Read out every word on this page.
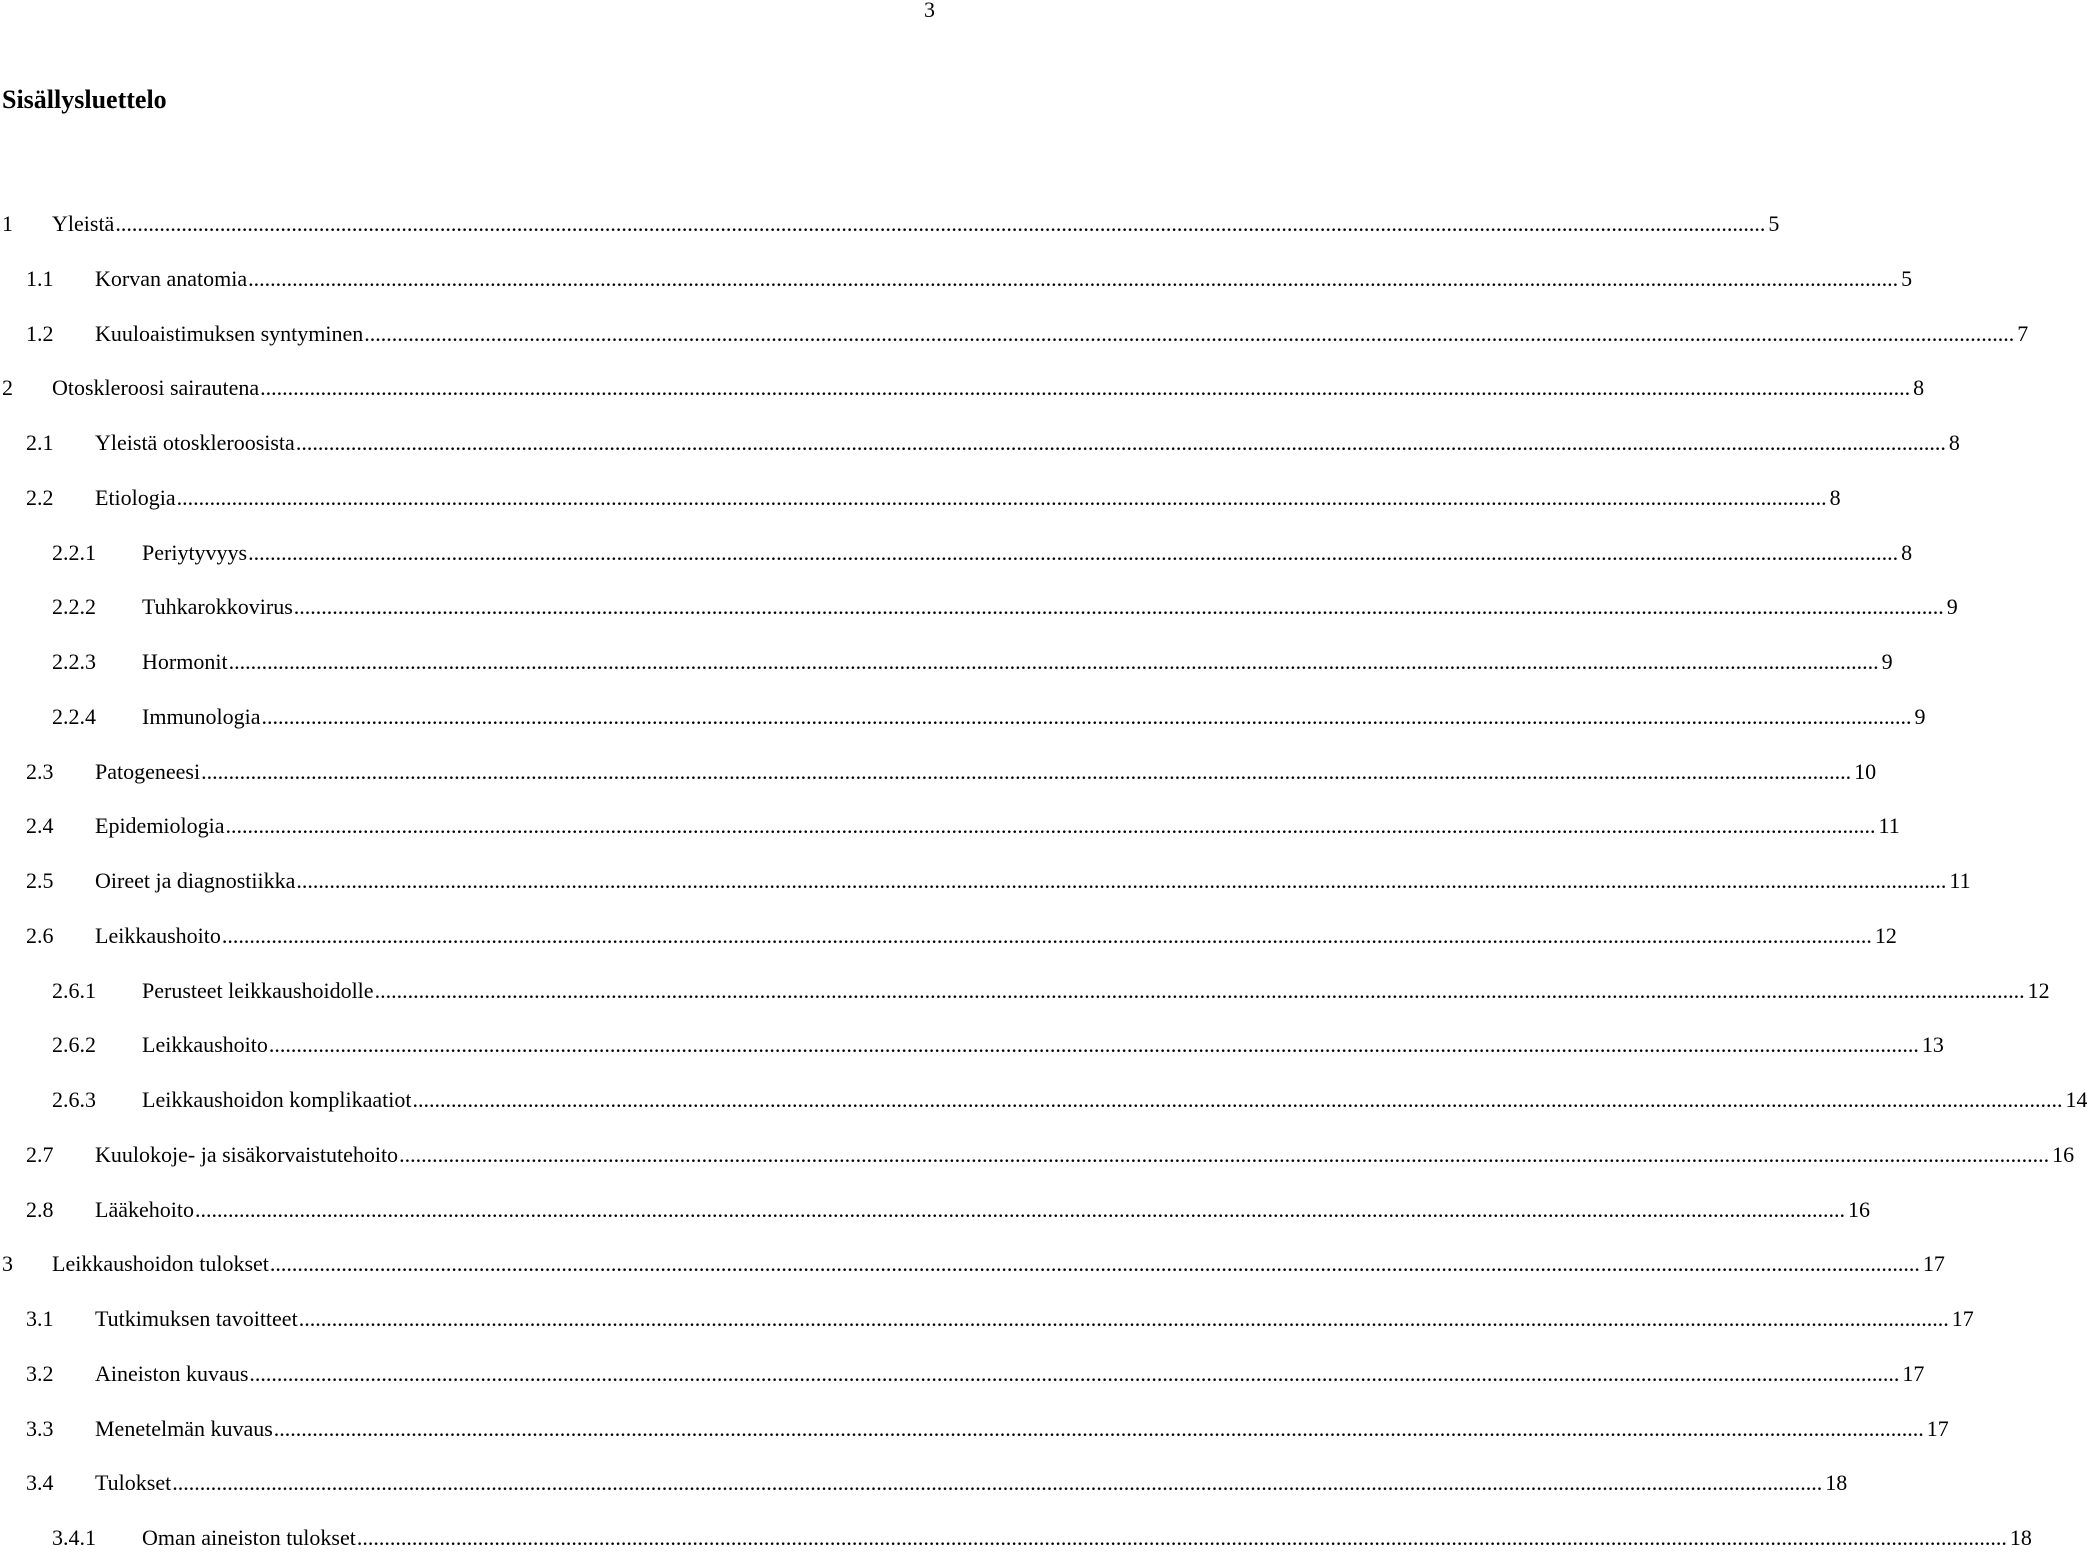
3
Sisällysluettelo
1 Yleistä ............................................................................................................................................................................................................................................................................................................ 5
1.1 Korvan anatomia ............................................................................................................................................................................................................................................................................................................ 5
1.2 Kuuloaistimuksen syntyminen ............................................................................................................................................................................................................................................................................................................ 7
2 Otoskleroosi sairautena ............................................................................................................................................................................................................................................................................................................ 8
2.1 Yleistä otoskleroosista ............................................................................................................................................................................................................................................................................................................ 8
2.2 Etiologia ............................................................................................................................................................................................................................................................................................................ 8
2.2.1 Periytyvyys ............................................................................................................................................................................................................................................................................................................ 8
2.2.2 Tuhkarokkovirus ............................................................................................................................................................................................................................................................................................................ 9
2.2.3 Hormonit ............................................................................................................................................................................................................................................................................................................ 9
2.2.4 Immunologia ............................................................................................................................................................................................................................................................................................................ 9
2.3 Patogeneesi ............................................................................................................................................................................................................................................................................................................ 10
2.4 Epidemiologia ............................................................................................................................................................................................................................................................................................................ 11
2.5 Oireet ja diagnostiikka ............................................................................................................................................................................................................................................................................................................ 11
2.6 Leikkaushoito ............................................................................................................................................................................................................................................................................................................ 12
2.6.1 Perusteet leikkaushoidolle ............................................................................................................................................................................................................................................................................................................ 12
2.6.2 Leikkaushoito ............................................................................................................................................................................................................................................................................................................ 13
2.6.3 Leikkaushoidon komplikaatiot ............................................................................................................................................................................................................................................................................................................ 14
2.7 Kuulokoje- ja sisäkorvaistutehoito ............................................................................................................................................................................................................................................................................................................ 16
2.8 Lääkehoito ............................................................................................................................................................................................................................................................................................................ 16
3 Leikkaushoidon tulokset ............................................................................................................................................................................................................................................................................................................ 17
3.1 Tutkimuksen tavoitteet ............................................................................................................................................................................................................................................................................................................ 17
3.2 Aineiston kuvaus ............................................................................................................................................................................................................................................................................................................ 17
3.3 Menetelmän kuvaus ............................................................................................................................................................................................................................................................................................................ 17
3.4 Tulokset ............................................................................................................................................................................................................................................................................................................ 18
3.4.1 Oman aineiston tulokset ............................................................................................................................................................................................................................................................................................................ 18
